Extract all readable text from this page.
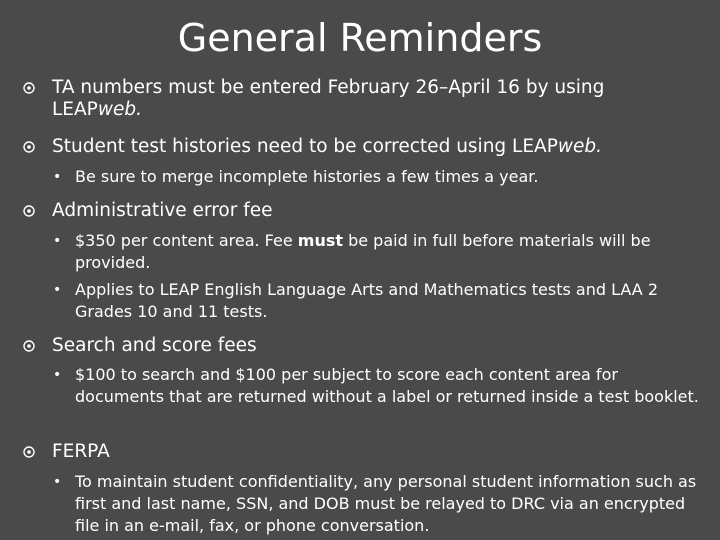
General Reminders
TA numbers must be entered February 26–April 16 by using LEAPweb.
Student test histories need to be corrected using LEAPweb.
• Be sure to merge incomplete histories a few times a year.
Administrative error fee
• $350 per content area. Fee must be paid in full before materials will be provided.
• Applies to LEAP English Language Arts and Mathematics tests and LAA 2 Grades 10 and 11 tests.
Search and score fees
• $100 to search and $100 per subject to score each content area for documents that are returned without a label or returned inside a test booklet.
FERPA
• To maintain student confidentiality, any personal student information such as first and last name, SSN, and DOB must be relayed to DRC via an encrypted file in an e-mail, fax, or phone conversation.
